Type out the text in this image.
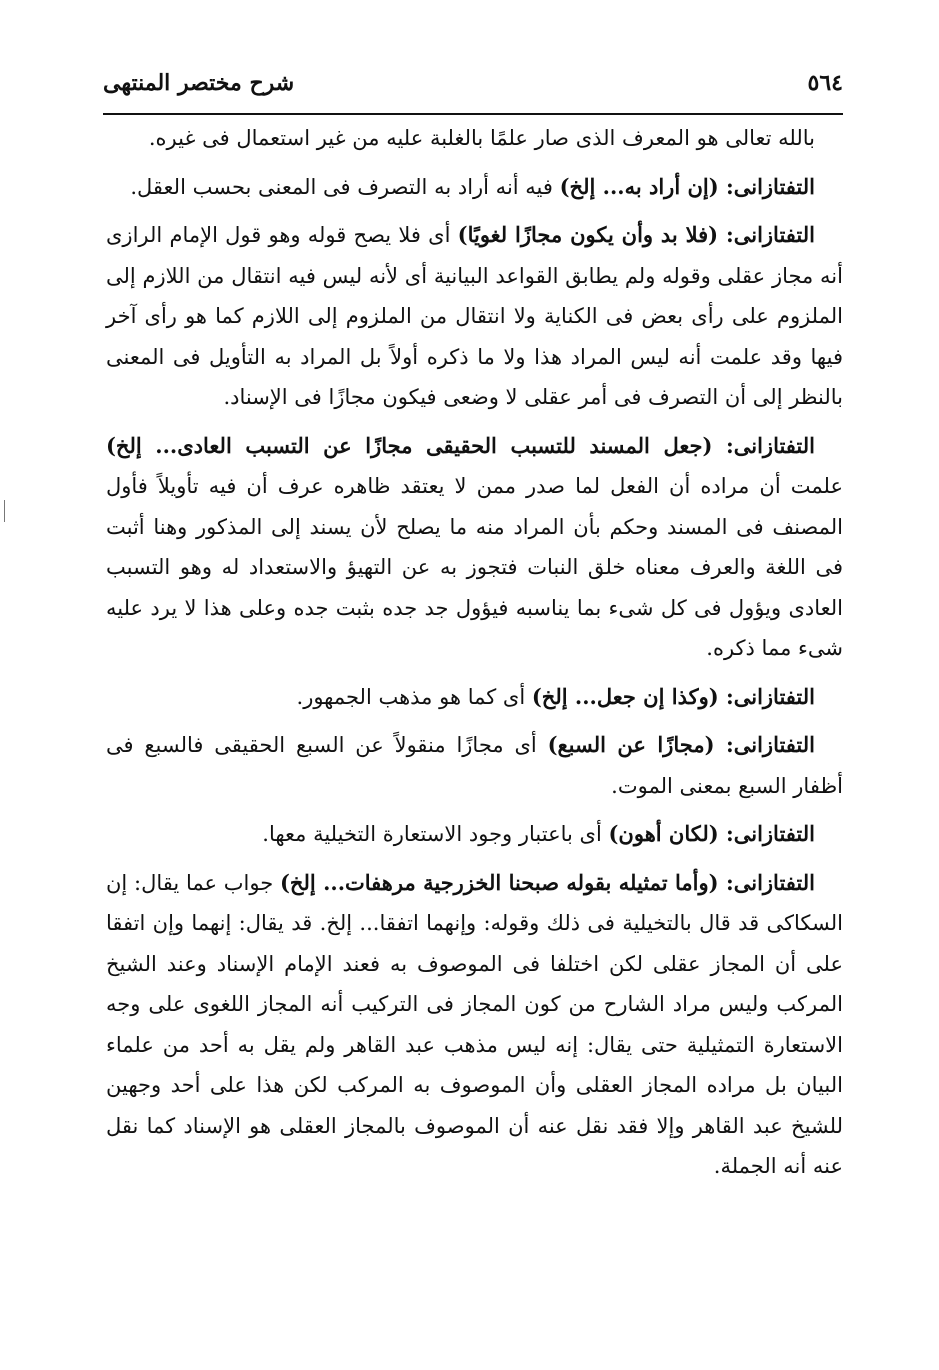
٥٦٤
شرح مختصر المنتهى

بالله تعالى هو المعرف الذى صار علمًا بالغلبة عليه من غير استعمال فى غيره.

التفتازانى: (إن أراد به... إلخ) فيه أنه أراد به التصرف فى المعنى بحسب العقل.

التفتازانى: (فلا بد وأن يكون مجازًا لغويًا) أى فلا يصح قوله وهو قول الإمام الرازى أنه مجاز عقلى وقوله ولم يطابق القواعد البيانية أى لأنه ليس فيه انتقال من اللازم إلى الملزوم على رأى بعض فى الكناية ولا انتقال من الملزوم إلى اللازم كما هو رأى آخر فيها وقد علمت أنه ليس المراد هذا ولا ما ذكره أولاً بل المراد به التأويل فى المعنى بالنظر إلى أن التصرف فى أمر عقلى لا وضعى فيكون مجازًا فى الإسناد.

التفتازانى: (جعل المسند للتسبب الحقيقى مجازًا عن التسبب العادى... إلخ) علمت أن مراده أن الفعل لما صدر ممن لا يعتقد ظاهره عرف أن فيه تأويلاً فأول المصنف فى المسند وحكم بأن المراد منه ما يصلح لأن يسند إلى المذكور وهنا أثبت فى اللغة والعرف معناه خلق النبات فتجوز به عن التهيؤ والاستعداد له وهو التسبب العادى ويؤول فى كل شىء بما يناسبه فيؤول جد جده بثبت جده وعلى هذا لا يرد عليه شىء مما ذكره.

التفتازانى: (وكذا إن جعل... إلخ) أى كما هو مذهب الجمهور.

التفتازانى: (مجازًا عن السبع) أى مجازًا منقولاً عن السبع الحقيقى فالسبع فى أظفار السبع بمعنى الموت.

التفتازانى: (لكان أهون) أى باعتبار وجود الاستعارة التخيلية معها.

التفتازانى: (وأما تمثيله بقوله صبحنا الخزرجية مرهفات... إلخ) جواب عما يقال: إن السكاكى قد قال بالتخيلية فى ذلك وقوله: وإنهما اتفقا... إلخ. قد يقال: إنهما وإن اتفقا على أن المجاز عقلى لكن اختلفا فى الموصوف به فعند الإمام الإسناد وعند الشيخ المركب وليس مراد الشارح من كون المجاز فى التركيب أنه المجاز اللغوى على وجه الاستعارة التمثيلية حتى يقال: إنه ليس مذهب عبد القاهر ولم يقل به أحد من علماء البيان بل مراده المجاز العقلى وأن الموصوف به المركب لكن هذا على أحد وجهين للشيخ عبد القاهر وإلا فقد نقل عنه أن الموصوف بالمجاز العقلى هو الإسناد كما نقل عنه أنه الجملة.
